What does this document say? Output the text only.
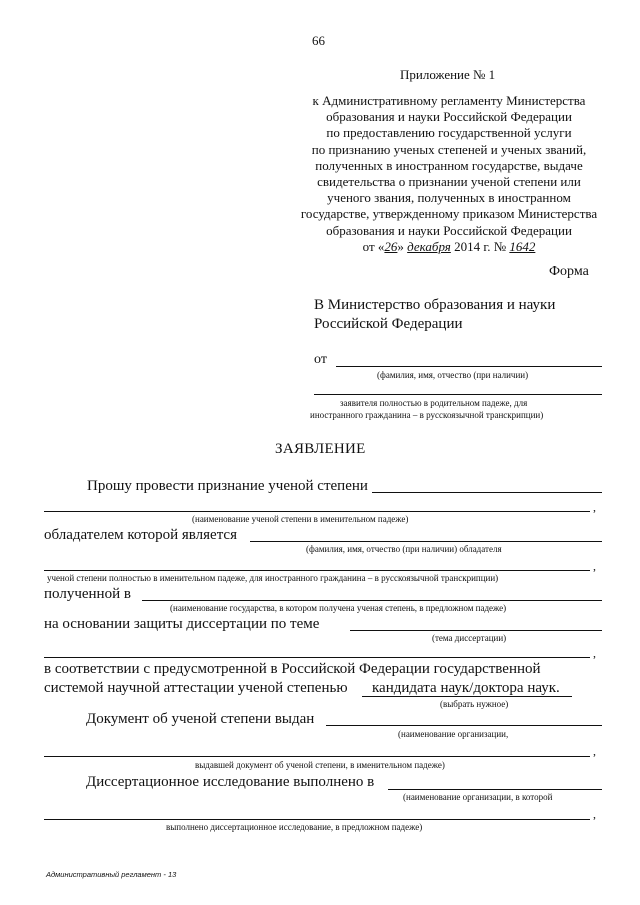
66
Приложение № 1
к Административному регламенту Министерства
образования и науки Российской Федерации
по предоставлению государственной услуги
по признанию ученых степеней и ученых званий,
полученных в иностранном государстве, выдаче
свидетельства о признании ученой степени или
ученого звания, полученных в иностранном
государстве, утвержденному приказом Министерства
образования и науки Российской Федерации
от «26» декабря 2014 г. № 1642
Форма
В Министерство образования и науки
Российской Федерации
от
(фамилия, имя, отчество (при наличии)
заявителя полностью в родительном падеже, для
иностранного гражданина – в русскоязычной транскрипции)
ЗАЯВЛЕНИЕ
Прошу провести признание ученой степени
,
(наименование ученой степени в именительном падеже)
обладателем которой является
(фамилия, имя, отчество (при наличии) обладателя
,
ученой степени полностью в именительном падеже, для иностранного гражданина – в русскоязычной транскрипции)
полученной в
(наименование государства, в котором получена ученая степень, в предложном падеже)
на основании защиты диссертации по теме
(тема диссертации)
,
в соответствии с предусмотренной в Российской Федерации государственной
системой научной аттестации ученой степенью кандидата наук/доктора наук.
(выбрать нужное)
Документ об ученой степени выдан
(наименование организации,
,
выдавшей документ об ученой степени, в именительном падеже)
Диссертационное исследование выполнено в
(наименование организации, в которой
,
выполнено диссертационное исследование, в предложном падеже)
Административный регламент - 13
